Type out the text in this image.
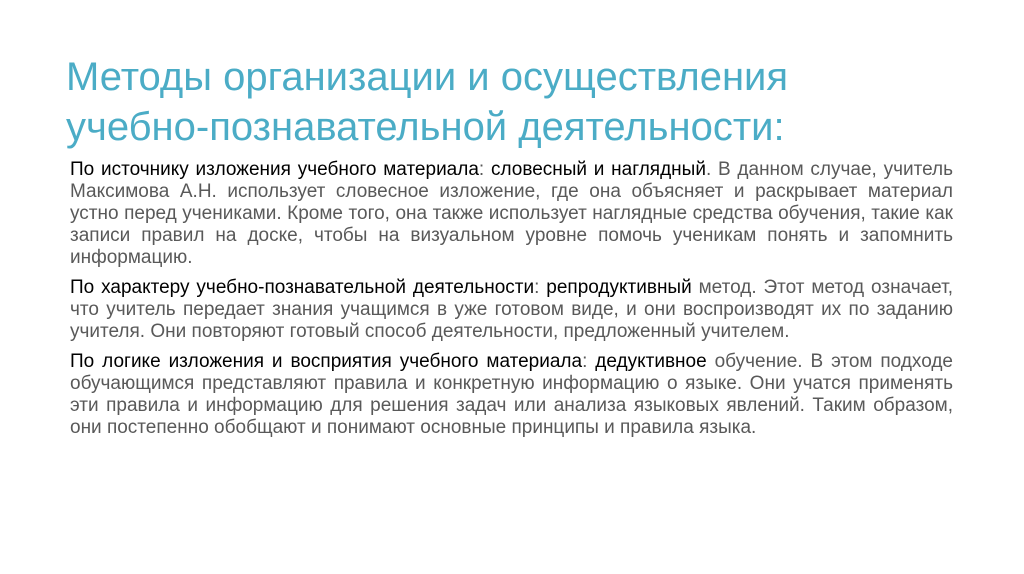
Методы организации и осуществления
учебно-познавательной деятельности:

По источнику изложения учебного материала: словесный и наглядный. В данном случае, учитель Максимова А.Н. использует словесное изложение, где она объясняет и раскрывает материал устно перед учениками. Кроме того, она также использует наглядные средства обучения, такие как записи правил на доске, чтобы на визуальном уровне помочь ученикам понять и запомнить информацию.

По характеру учебно-познавательной деятельности: репродуктивный метод. Этот метод означает, что учитель передает знания учащимся в уже готовом виде, и они воспроизводят их по заданию учителя. Они повторяют готовый способ деятельности, предложенный учителем.

По логике изложения и восприятия учебного материала: дедуктивное обучение. В этом подходе обучающимся представляют правила и конкретную информацию о языке. Они учатся применять эти правила и информацию для решения задач или анализа языковых явлений. Таким образом, они постепенно обобщают и понимают основные принципы и правила языка.
